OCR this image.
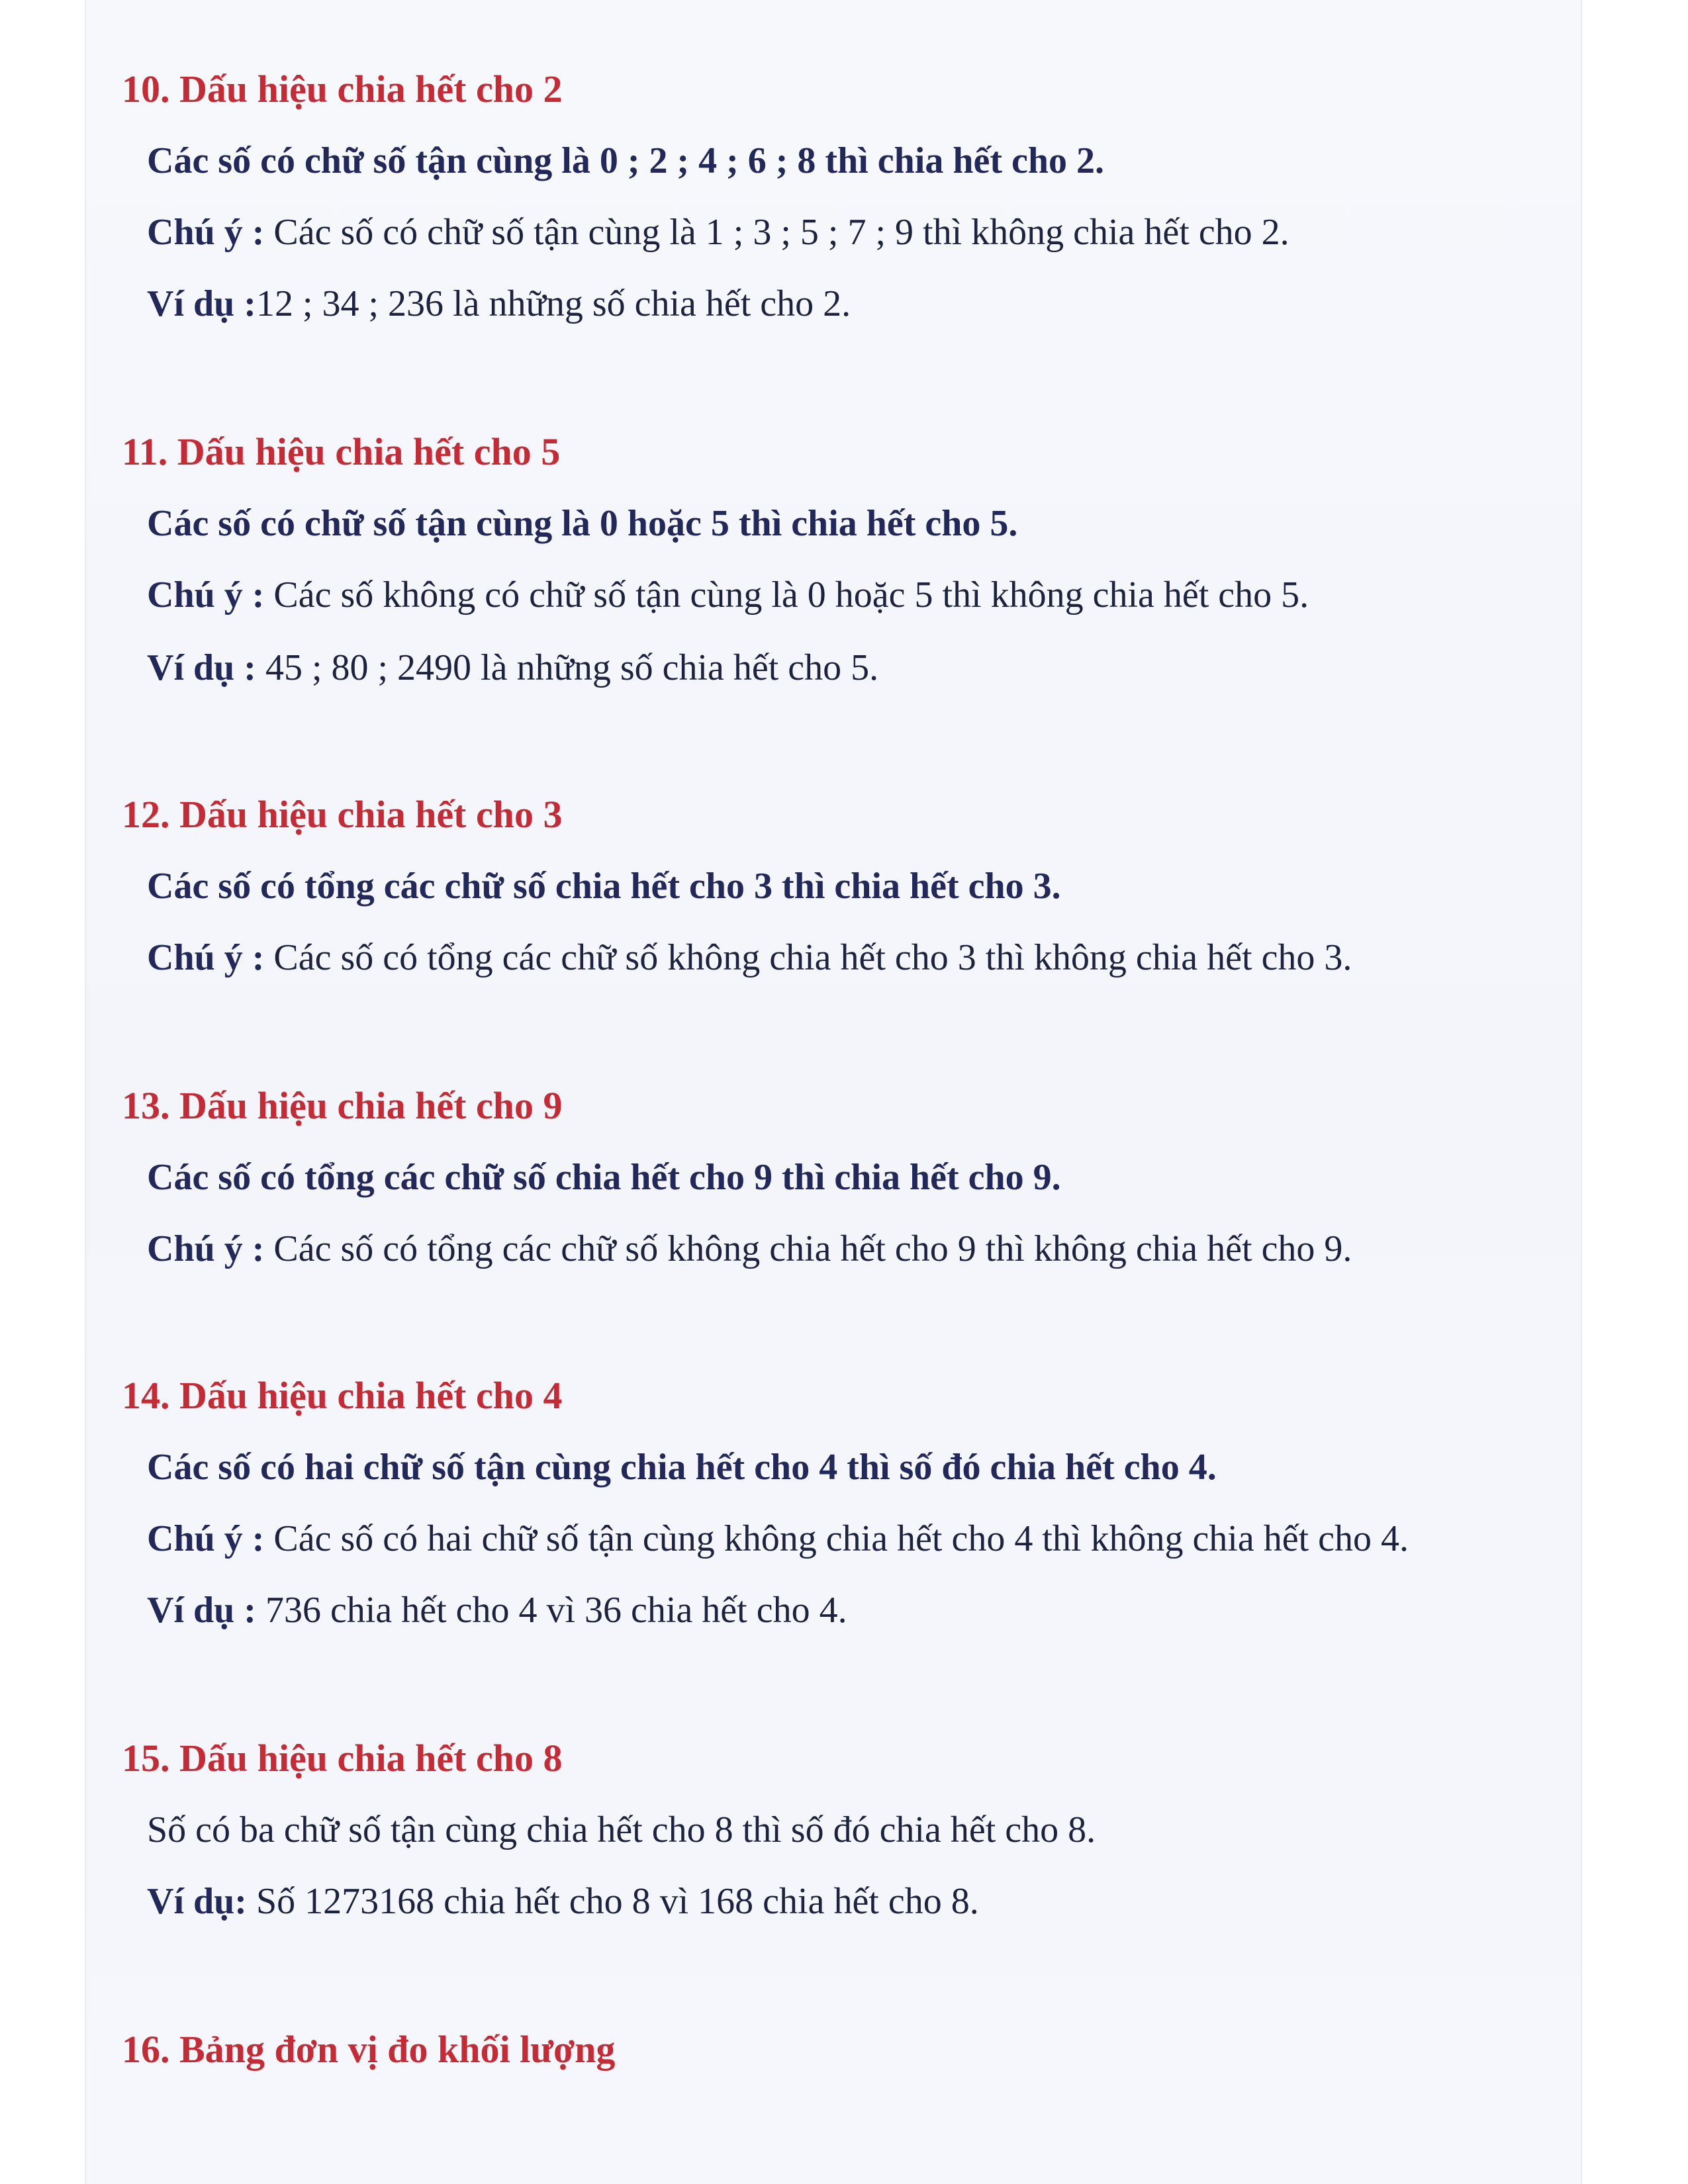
10. Dấu hiệu chia hết cho 2

Các số có chữ số tận cùng là 0 ; 2 ; 4 ; 6 ; 8 thì chia hết cho 2.

Chú ý : Các số có chữ số tận cùng là 1 ; 3 ; 5 ; 7 ; 9 thì không chia hết cho 2.

Ví dụ :12 ; 34 ; 236 là những số chia hết cho 2.

11. Dấu hiệu chia hết cho 5

Các số có chữ số tận cùng là 0 hoặc 5 thì chia hết cho 5.

Chú ý : Các số không có chữ số tận cùng là 0 hoặc 5 thì không chia hết cho 5.

Ví dụ : 45 ; 80 ; 2490 là những số chia hết cho 5.

12. Dấu hiệu chia hết cho 3

Các số có tổng các chữ số chia hết cho 3 thì chia hết cho 3.

Chú ý : Các số có tổng các chữ số không chia hết cho 3 thì không chia hết cho 3.

13. Dấu hiệu chia hết cho 9

Các số có tổng các chữ số chia hết cho 9 thì chia hết cho 9.

Chú ý : Các số có tổng các chữ số không chia hết cho 9 thì không chia hết cho 9.

14. Dấu hiệu chia hết cho 4

Các số có hai chữ số tận cùng chia hết cho 4 thì số đó chia hết cho 4.

Chú ý : Các số có hai chữ số tận cùng không chia hết cho 4 thì không chia hết cho 4.

Ví dụ : 736 chia hết cho 4 vì 36 chia hết cho 4.

15. Dấu hiệu chia hết cho 8

Số có ba chữ số tận cùng chia hết cho 8 thì số đó chia hết cho 8.

Ví dụ: Số 1273168 chia hết cho 8 vì 168 chia hết cho 8.

16. Bảng đơn vị đo khối lượng
